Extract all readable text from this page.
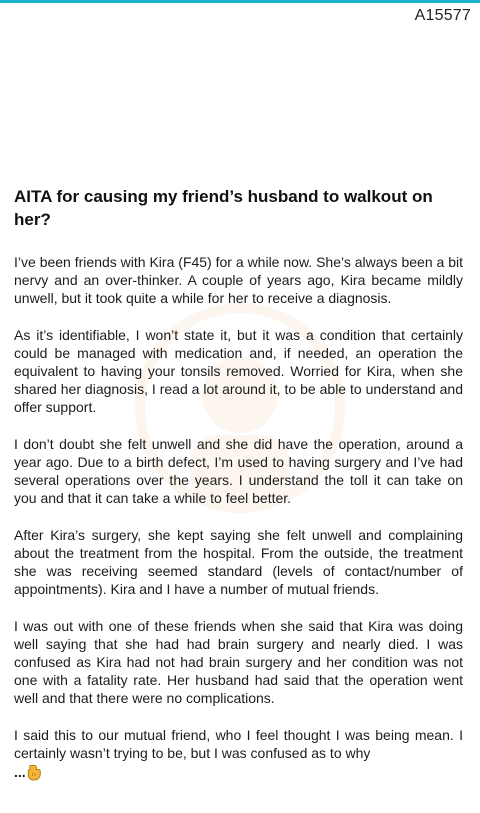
A15577
AITA for causing my friend’s husband to walkout on her?

I’ve been friends with Kira (F45) for a while now. She’s always been a bit nervy and an over-thinker. A couple of years ago, Kira became mildly unwell, but it took quite a while for her to receive a diagnosis.

As it’s identifiable, I won’t state it, but it was a condition that certainly could be managed with medication and, if needed, an operation the equivalent to having your tonsils removed. Worried for Kira, when she shared her diagnosis, I read a lot around it, to be able to understand and offer support.

I don’t doubt she felt unwell and she did have the operation, around a year ago. Due to a birth defect, I’m used to having surgery and I’ve had several operations over the years. I understand the toll it can take on you and that it can take a while to feel better.

After Kira’s surgery, she kept saying she felt unwell and complaining about the treatment from the hospital. From the outside, the treatment she was receiving seemed standard (levels of contact/number of appointments). Kira and I have a number of mutual friends.

I was out with one of these friends when she said that Kira was doing well saying that she had had brain surgery and nearly died. I was confused as Kira had not had brain surgery and her condition was not one with a fatality rate. Her husband had said that the operation went well and that there were no complications.

I said this to our mutual friend, who I feel thought I was being mean. I certainly wasn’t trying to be, but I was confused as to why

...
